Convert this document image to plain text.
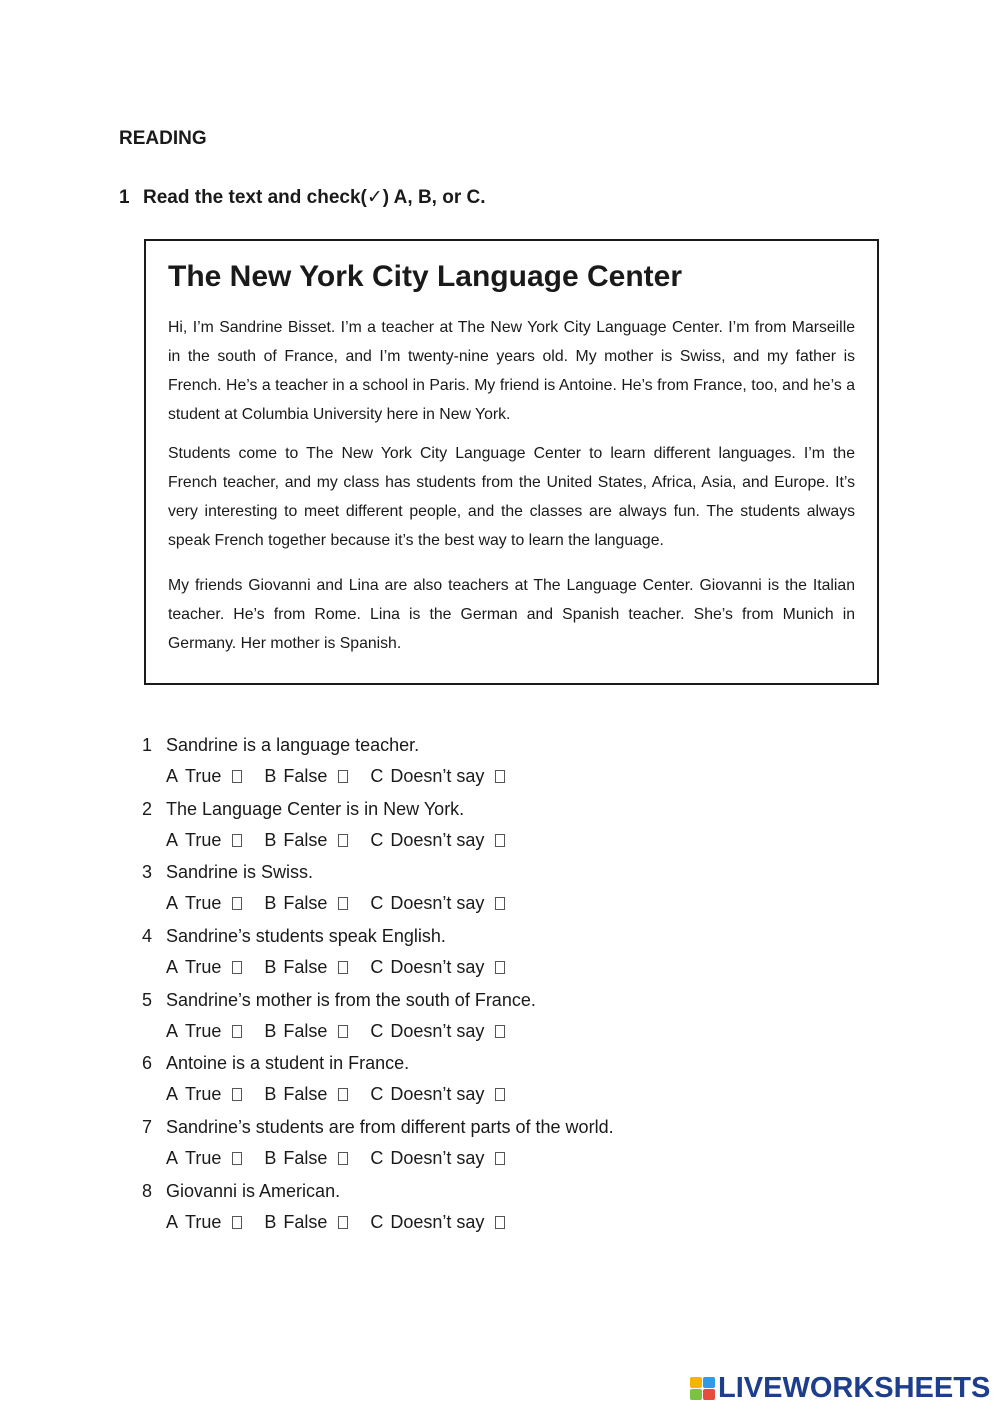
READING

1 Read the text and check(✓) A, B, or C.

The New York City Language Center

Hi, I’m Sandrine Bisset. I’m a teacher at The New York City Language Center. I’m from Marseille in the south of France, and I’m twenty-nine years old. My mother is Swiss, and my father is French. He’s a teacher in a school in Paris. My friend is Antoine. He’s from France, too, and he’s a student at Columbia University here in New York.

Students come to The New York City Language Center to learn different languages. I’m the French teacher, and my class has students from the United States, Africa, Asia, and Europe. It’s very interesting to meet different people, and the classes are always fun. The students always speak French together because it’s the best way to learn the language.

My friends Giovanni and Lina are also teachers at The Language Center. Giovanni is the Italian teacher. He’s from Rome. Lina is the German and Spanish teacher. She’s from Munich in Germany. Her mother is Spanish.

1 Sandrine is a language teacher.
A True B False C Doesn’t say
2 The Language Center is in New York.
A True B False C Doesn’t say
3 Sandrine is Swiss.
A True B False C Doesn’t say
4 Sandrine’s students speak English.
A True B False C Doesn’t say
5 Sandrine’s mother is from the south of France.
A True B False C Doesn’t say
6 Antoine is a student in France.
A True B False C Doesn’t say
7 Sandrine’s students are from different parts of the world.
A True B False C Doesn’t say
8 Giovanni is American.
A True B False C Doesn’t say
LIVEWORKSHEETS
